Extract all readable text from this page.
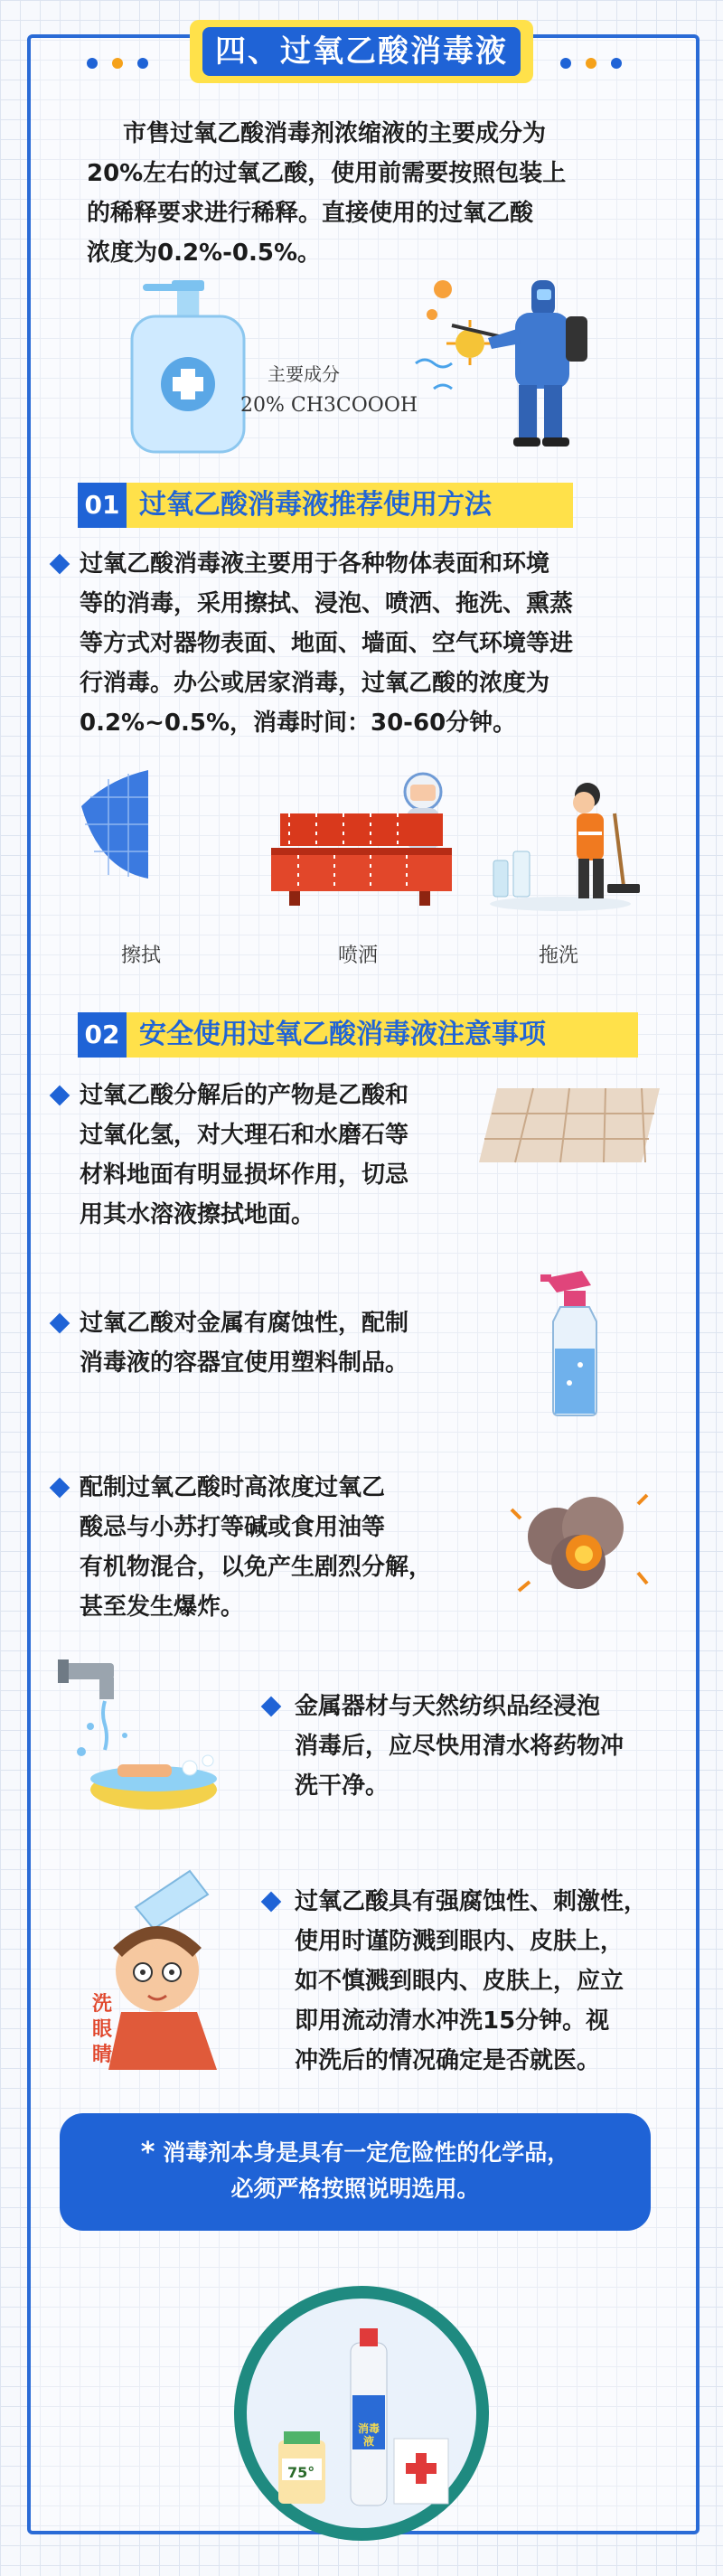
四、过氧乙酸消毒液
市售过氧乙酸消毒剂浓缩液的主要成分为
20%左右的过氧乙酸，使用前需要按照包装上
的稀释要求进行稀释。直接使用的过氧乙酸
浓度为0.2%-0.5%。
主要成分
20% CH3COOOH
01 过氧乙酸消毒液推荐使用方法
过氧乙酸消毒液主要用于各种物体表面和环境
等的消毒，采用擦拭、浸泡、喷洒、拖洗、熏蒸
等方式对器物表面、地面、墙面、空气环境等进
行消毒。办公或居家消毒，过氧乙酸的浓度为
0.2%~0.5%，消毒时间：30-60分钟。
擦拭	喷洒	拖洗
02 安全使用过氧乙酸消毒液注意事项
过氧乙酸分解后的产物是乙酸和
过氧化氢，对大理石和水磨石等
材料地面有明显损坏作用，切忌
用其水溶液擦拭地面。
过氧乙酸对金属有腐蚀性，配制
消毒液的容器宜使用塑料制品。
配制过氧乙酸时高浓度过氧乙
酸忌与小苏打等碱或食用油等
有机物混合，以免产生剧烈分解，
甚至发生爆炸。
金属器材与天然纺织品经浸泡
消毒后，应尽快用清水将药物冲
洗干净。
洗
眼
睛
过氧乙酸具有强腐蚀性、刺激性，
使用时谨防溅到眼内、皮肤上，
如不慎溅到眼内、皮肤上，应立
即用流动清水冲洗15分钟。视
冲洗后的情况确定是否就医。
* 消毒剂本身是具有一定危险性的化学品，
必须严格按照说明选用。
75°
消毒液
